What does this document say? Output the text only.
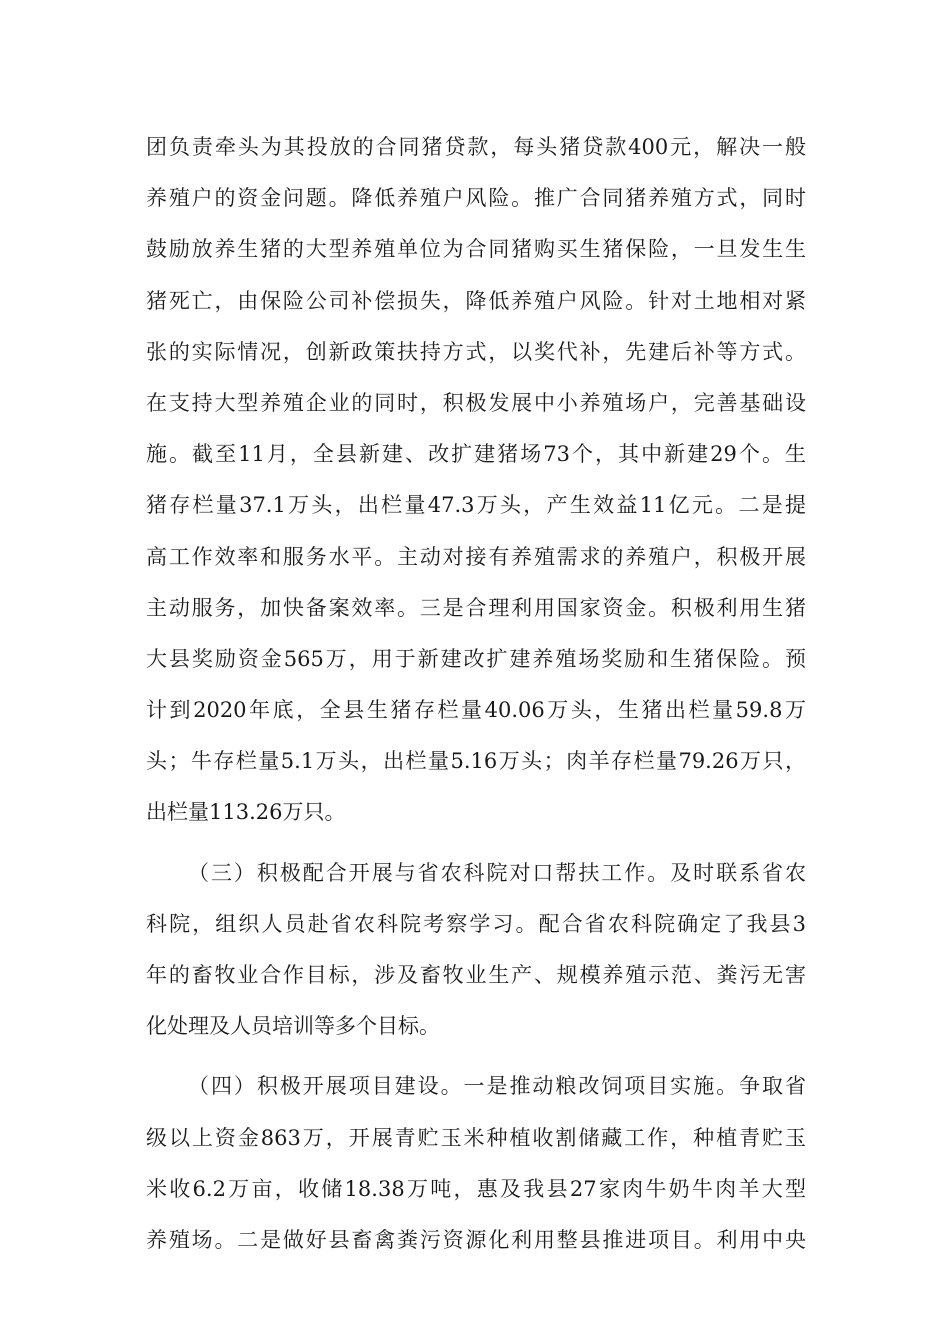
团负责牵头为其投放的合同猪贷款，每头猪贷款400元，解决一般
养殖户的资金问题。降低养殖户风险。推广合同猪养殖方式，同时
鼓励放养生猪的大型养殖单位为合同猪购买生猪保险，一旦发生生
猪死亡，由保险公司补偿损失，降低养殖户风险。针对土地相对紧
张的实际情况，创新政策扶持方式，以奖代补，先建后补等方式。
在支持大型养殖企业的同时，积极发展中小养殖场户，完善基础设
施。截至11月，全县新建、改扩建猪场73个，其中新建29个。生
猪存栏量37.1万头，出栏量47.3万头，产生效益11亿元。二是提
高工作效率和服务水平。主动对接有养殖需求的养殖户，积极开展
主动服务，加快备案效率。三是合理利用国家资金。积极利用生猪
大县奖励资金565万，用于新建改扩建养殖场奖励和生猪保险。预
计到2020年底，全县生猪存栏量40.06万头，生猪出栏量59.8万
头；牛存栏量5.1万头，出栏量5.16万头；肉羊存栏量79.26万只，
出栏量113.26万只。
（三）积极配合开展与省农科院对口帮扶工作。及时联系省农
科院，组织人员赴省农科院考察学习。配合省农科院确定了我县3
年的畜牧业合作目标，涉及畜牧业生产、规模养殖示范、粪污无害
化处理及人员培训等多个目标。
（四）积极开展项目建设。一是推动粮改饲项目实施。争取省
级以上资金863万，开展青贮玉米种植收割储藏工作，种植青贮玉
米收6.2万亩，收储18.38万吨，惠及我县27家肉牛奶牛肉羊大型
养殖场。二是做好县畜禽粪污资源化利用整县推进项目。利用中央
